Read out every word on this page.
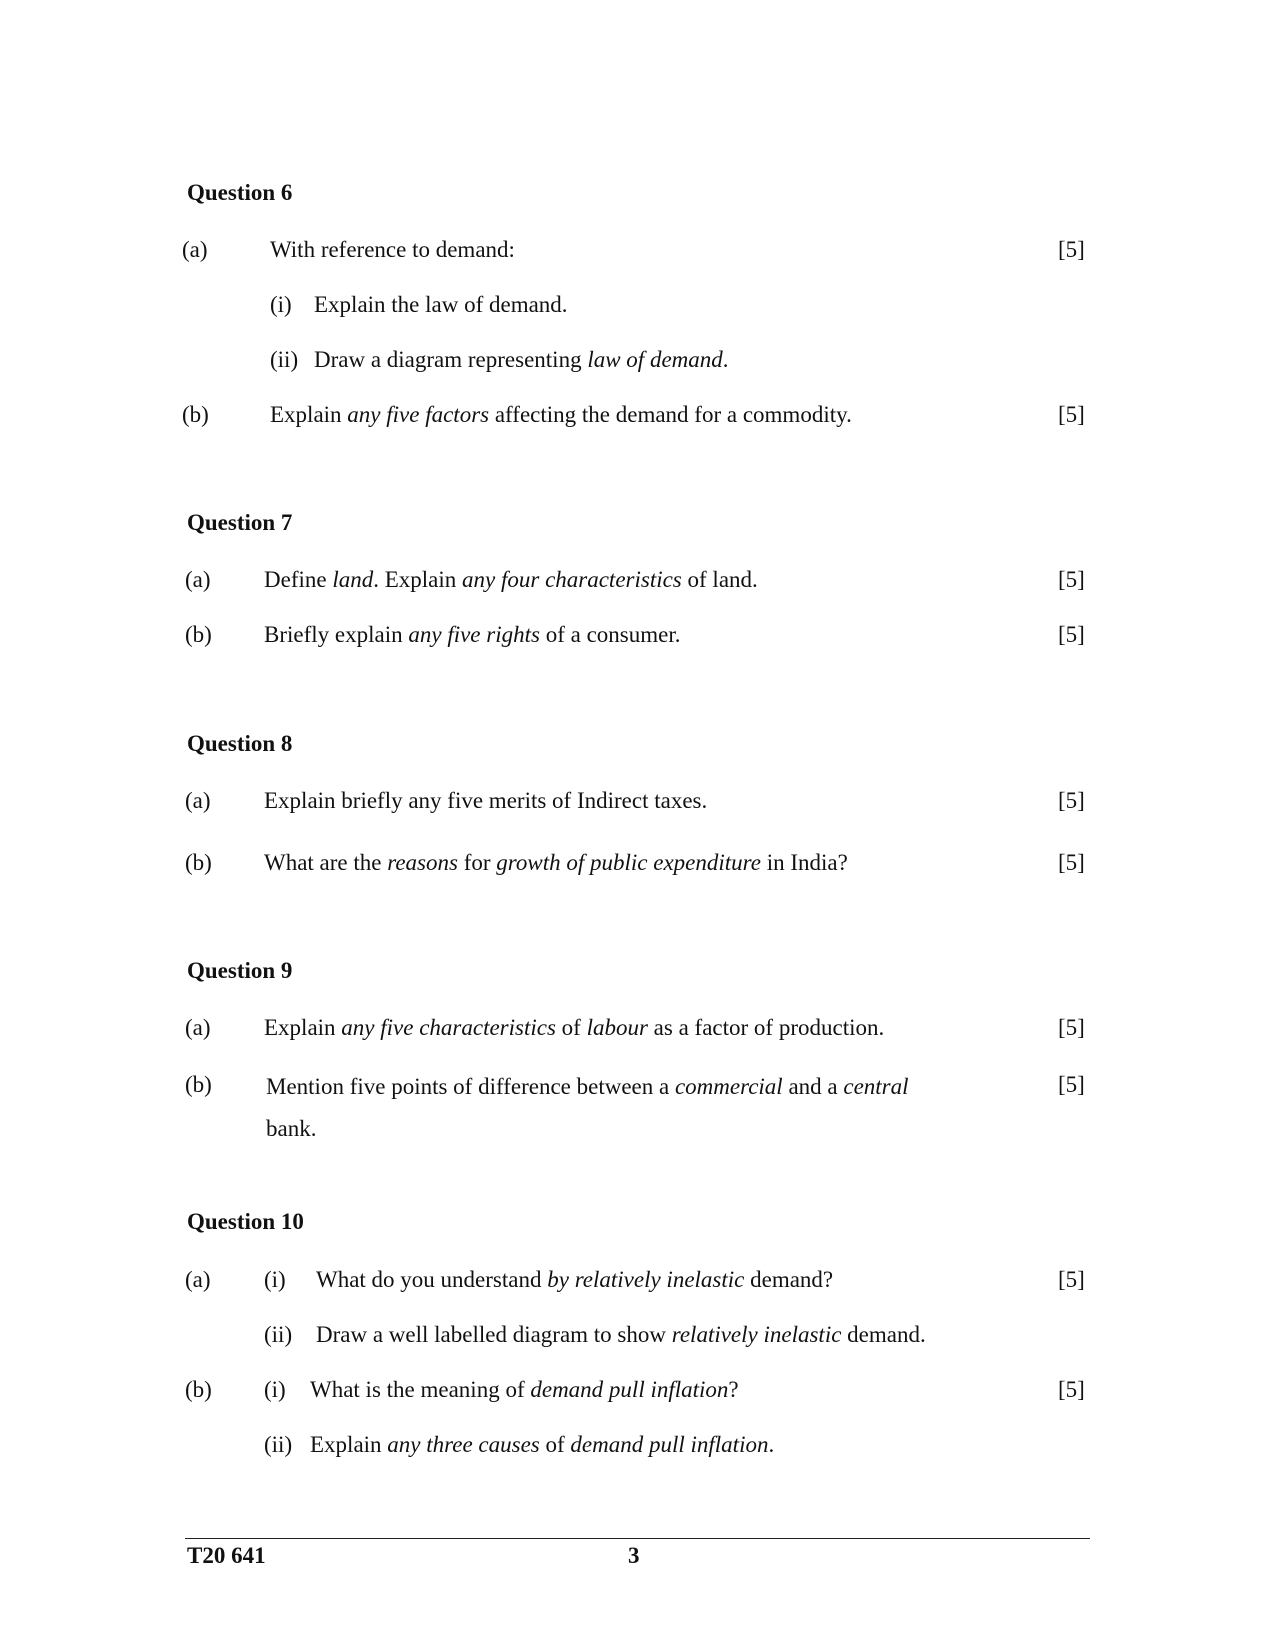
Question 6
(a)	With reference to demand:	[5]
(i) Explain the law of demand.
(ii) Draw a diagram representing law of demand.
(b)	Explain any five factors affecting the demand for a commodity.	[5]
Question 7
(a) Define land. Explain any four characteristics of land.	[5]
(b) Briefly explain any five rights of a consumer.	[5]
Question 8
(a) Explain briefly any five merits of Indirect taxes.	[5]
(b) What are the reasons for growth of public expenditure in India?	[5]
Question 9
(a) Explain any five characteristics of labour as a factor of production.	[5]
(b) Mention five points of difference between a commercial and a central
bank.
[5]
Question 10
(a) (i) What do you understand by relatively inelastic demand?	[5]
(ii) Draw a well labelled diagram to show relatively inelastic demand.
(b) (i) What is the meaning of demand pull inflation?	[5]
(ii) Explain any three causes of demand pull inflation.
T20 641	3
